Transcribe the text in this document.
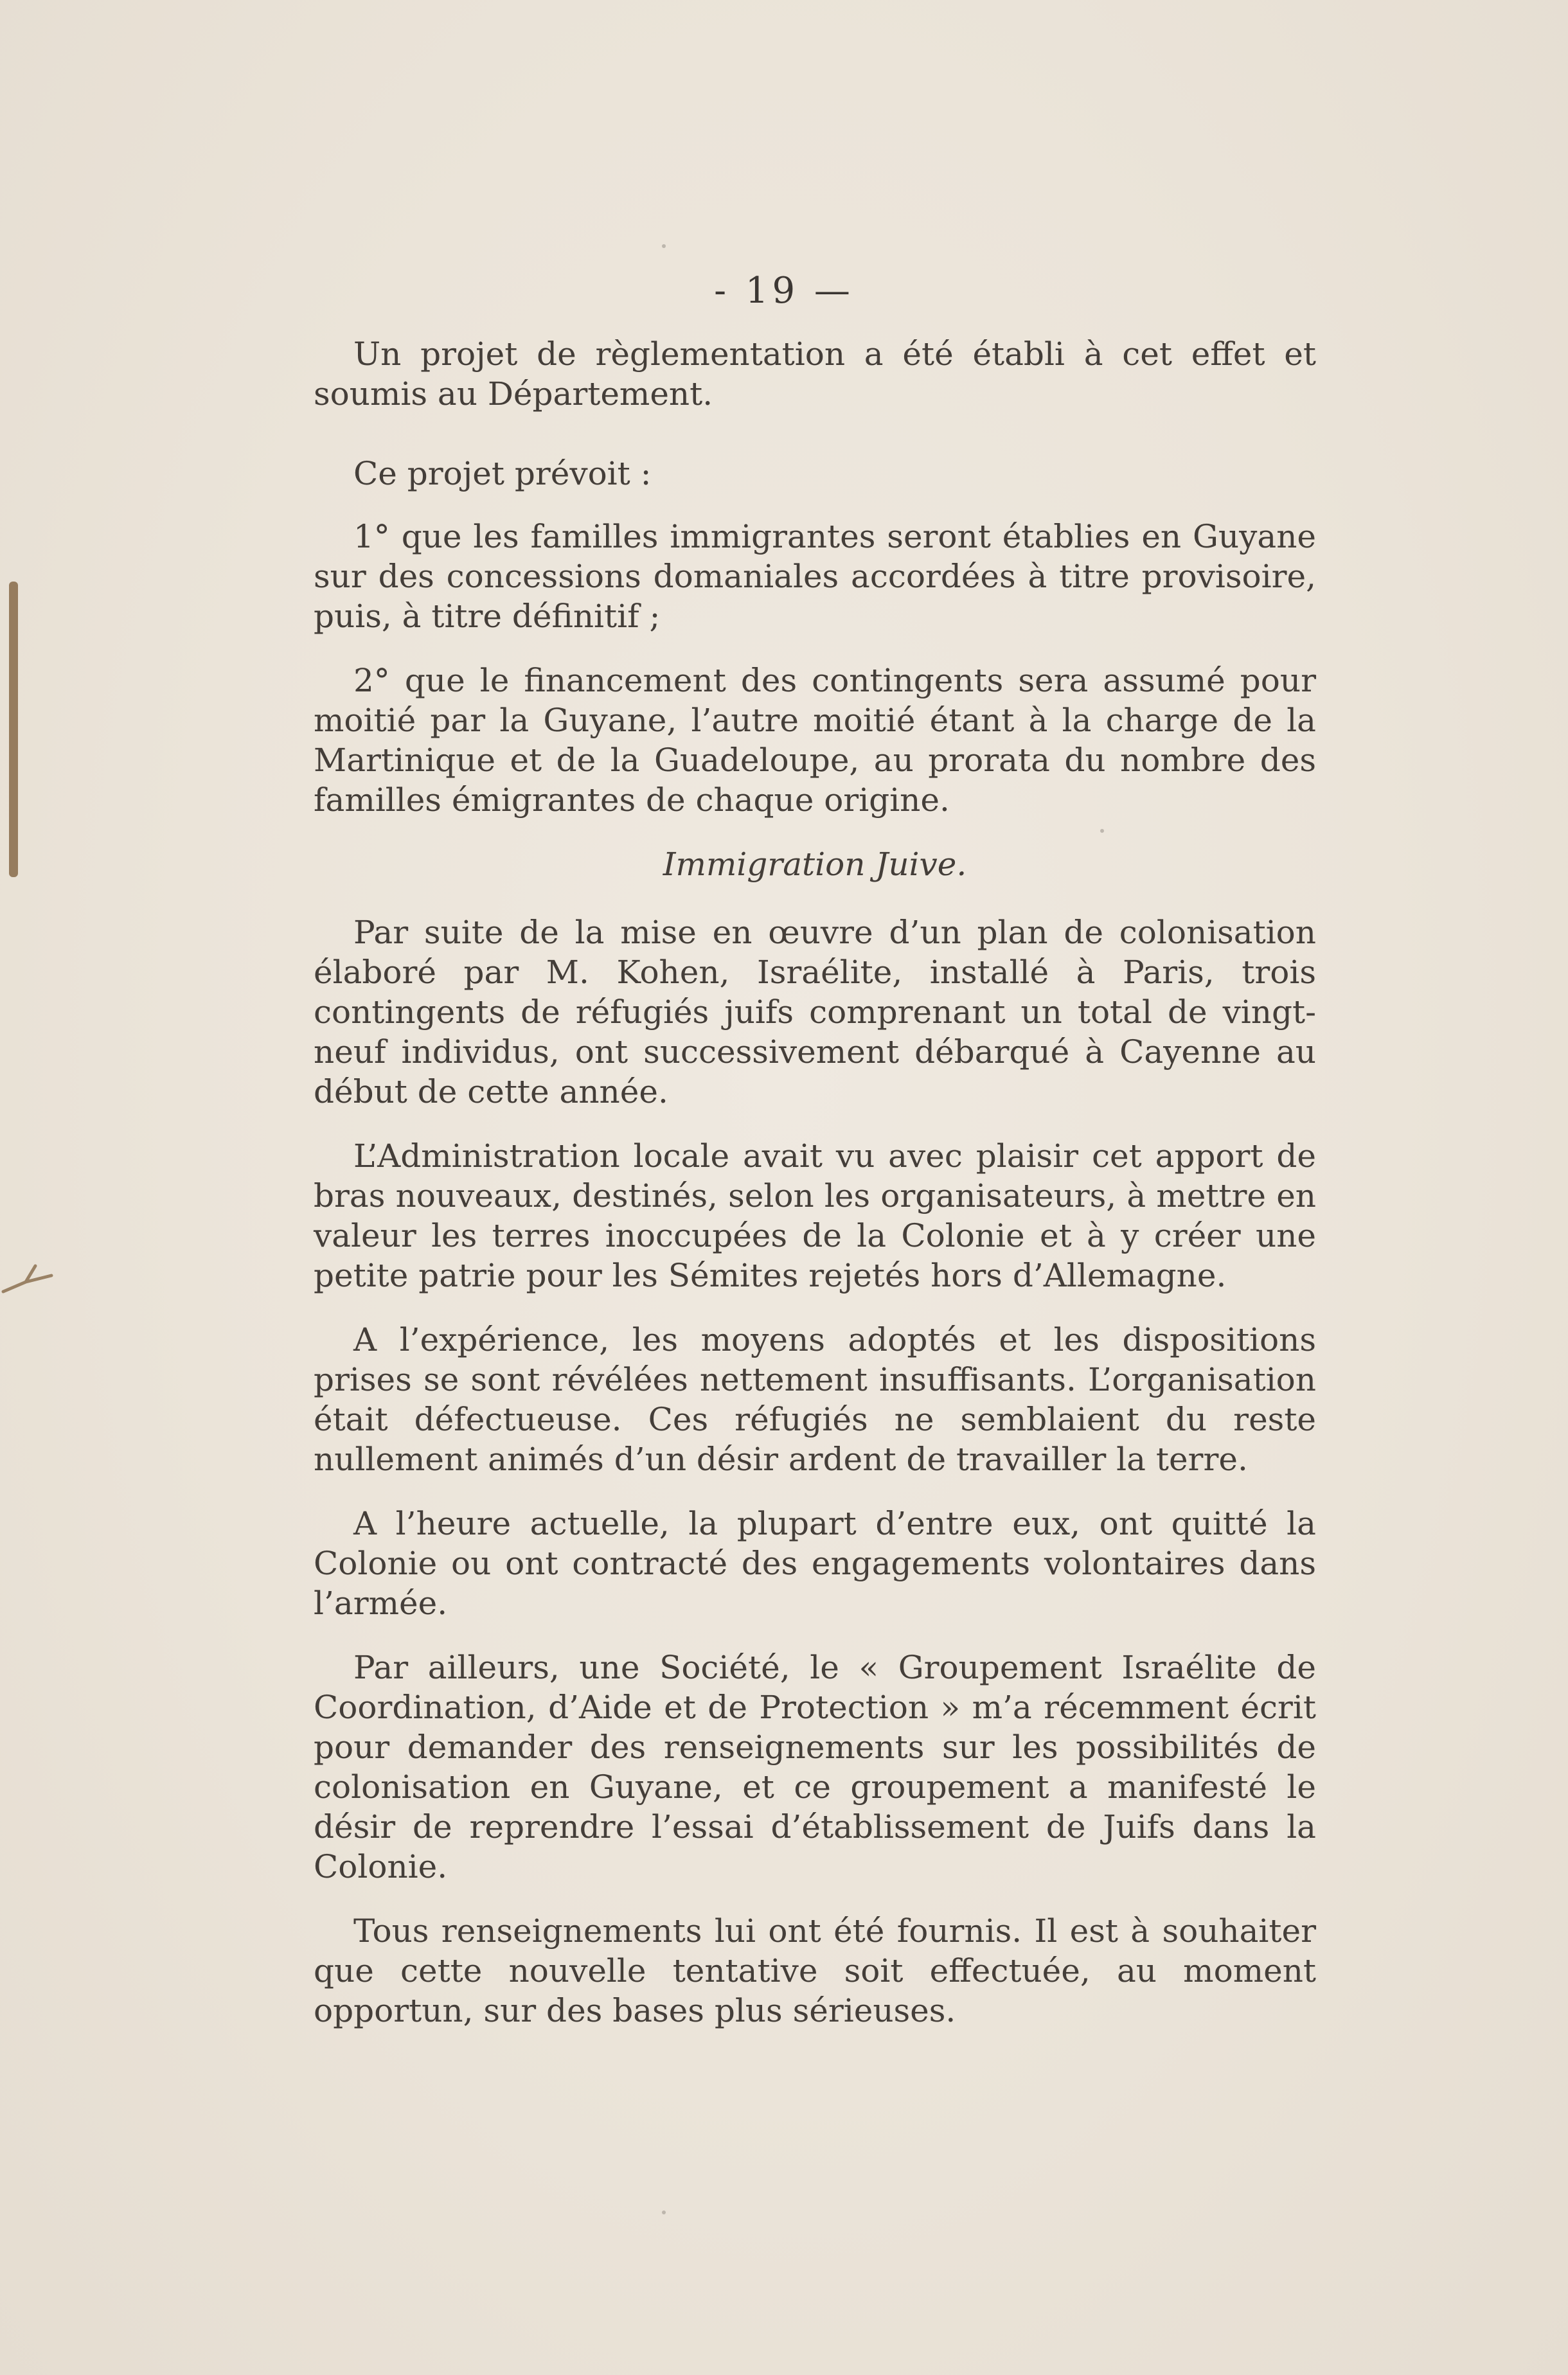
- 19 —

Un projet de règlementation a été établi à cet effet et soumis au Département.

Ce projet prévoit :

1° que les familles immigrantes seront établies en Guyane sur des concessions domaniales accordées à titre provisoire, puis, à titre définitif ;

2° que le financement des contingents sera assumé pour moitié par la Guyane, l’autre moitié étant à la charge de la Martinique et de la Guadeloupe, au prorata du nombre des familles émigrantes de chaque origine.

Immigration Juive.

Par suite de la mise en œuvre d’un plan de colonisation élaboré par M. Kohen, Israélite, installé à Paris, trois contingents de réfugiés juifs comprenant un total de vingt-neuf individus, ont successivement débarqué à Cayenne au début de cette année.

L’Administration locale avait vu avec plaisir cet apport de bras nouveaux, destinés, selon les organisateurs, à mettre en valeur les terres inoccupées de la Colonie et à y créer une petite patrie pour les Sémites rejetés hors d’Allemagne.

A l’expérience, les moyens adoptés et les dispositions prises se sont révélées nettement insuffisants. L’organisation était défectueuse. Ces réfugiés ne semblaient du reste nullement animés d’un désir ardent de travailler la terre.

A l’heure actuelle, la plupart d’entre eux, ont quitté la Colonie ou ont contracté des engagements volontaires dans l’armée.

Par ailleurs, une Société, le « Groupement Israélite de Coordination, d’Aide et de Protection » m’a récemment écrit pour demander des renseignements sur les possibilités de colonisation en Guyane, et ce groupement a manifesté le désir de reprendre l’essai d’établissement de Juifs dans la Colonie.

Tous renseignements lui ont été fournis. Il est à souhaiter que cette nouvelle tentative soit effectuée, au moment opportun, sur des bases plus sérieuses.
